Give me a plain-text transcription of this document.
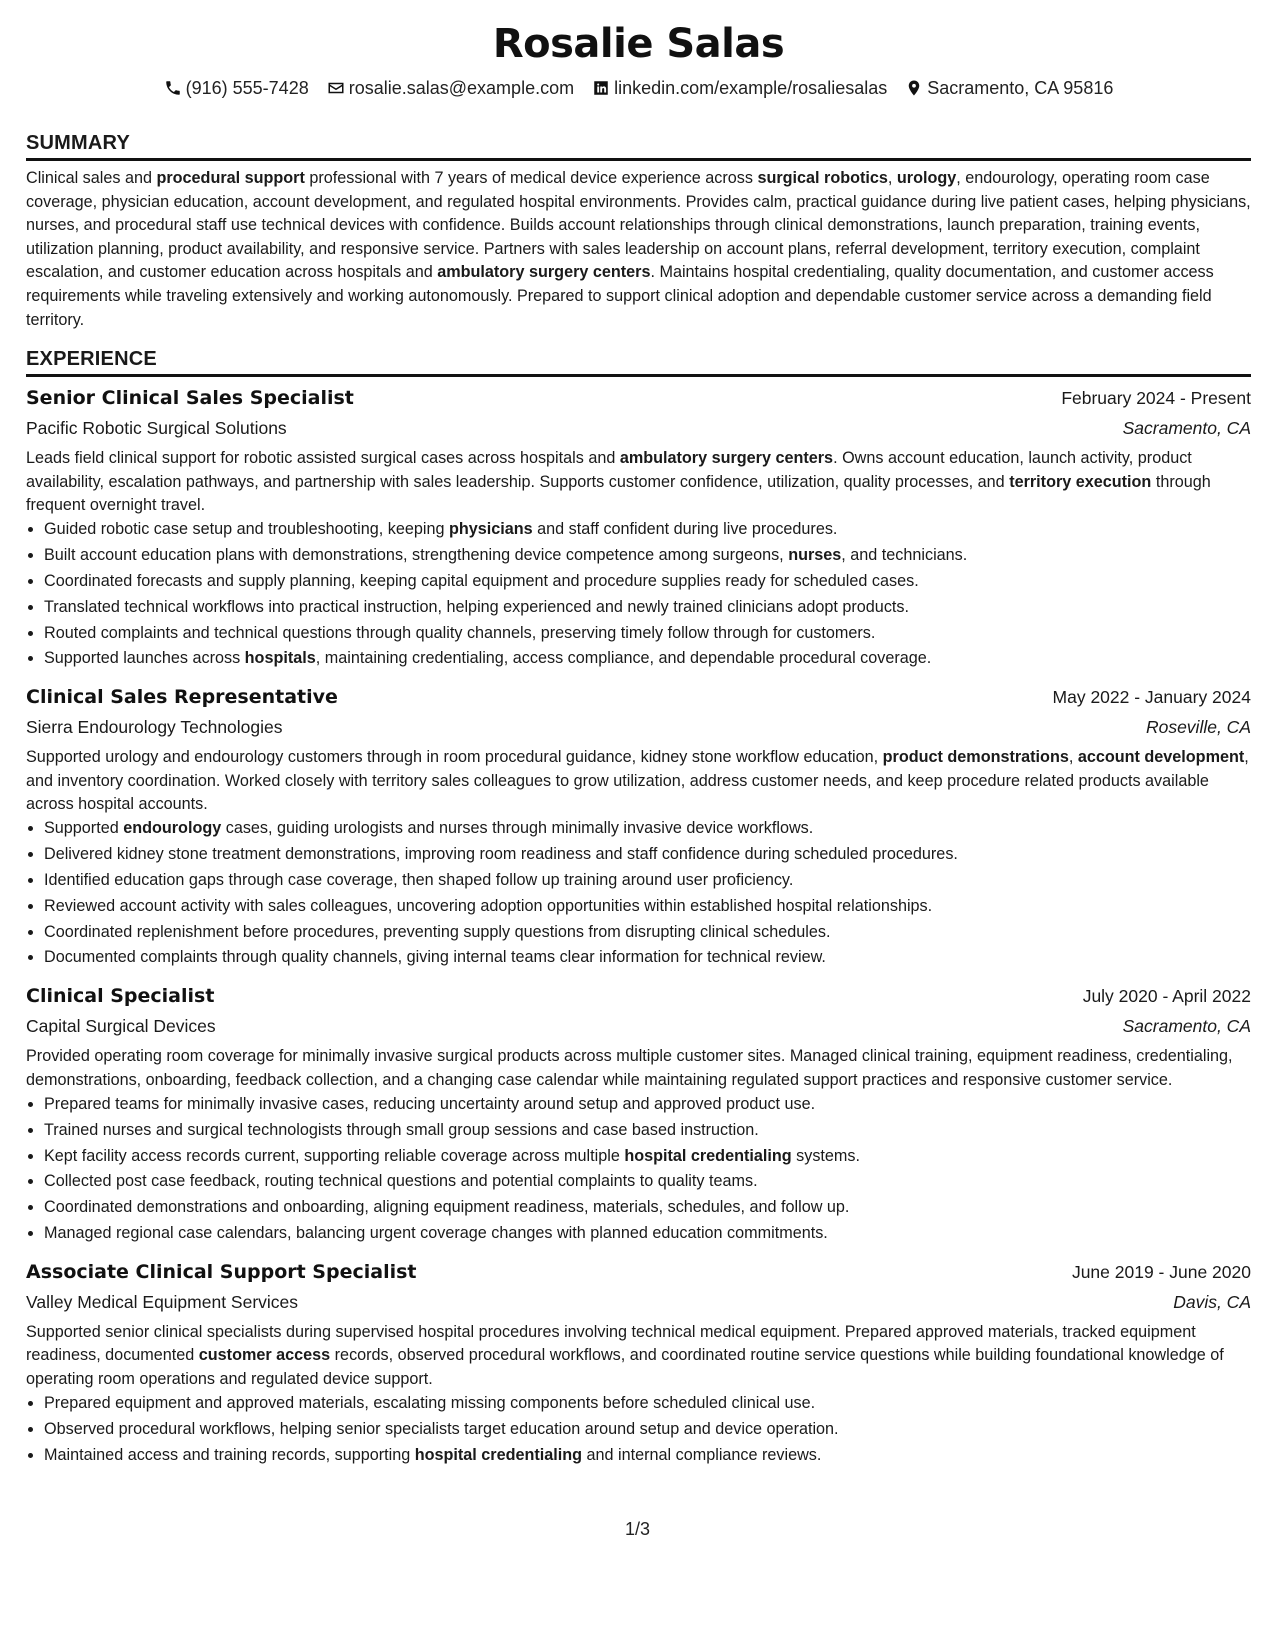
Rosalie Salas
(916) 555-7428 rosalie.salas@example.com linkedin.com/example/rosaliesalas Sacramento, CA 95816
SUMMARY

Clinical sales and procedural support professional with 7 years of medical device experience across surgical robotics, urology, endourology, operating room case coverage, physician education, account development, and regulated hospital environments. Provides calm, practical guidance during live patient cases, helping physicians, nurses, and procedural staff use technical devices with confidence. Builds account relationships through clinical demonstrations, launch preparation, training events, utilization planning, product availability, and responsive service. Partners with sales leadership on account plans, referral development, territory execution, complaint escalation, and customer education across hospitals and ambulatory surgery centers. Maintains hospital credentialing, quality documentation, and customer access requirements while traveling extensively and working autonomously. Prepared to support clinical adoption and dependable customer service across a demanding field territory.

EXPERIENCE
Senior Clinical Sales Specialist	February 2024 - Present
Pacific Robotic Surgical Solutions	Sacramento, CA

Leads field clinical support for robotic assisted surgical cases across hospitals and ambulatory surgery centers. Owns account education, launch activity, product availability, escalation pathways, and partnership with sales leadership. Supports customer confidence, utilization, quality processes, and territory execution through frequent overnight travel.

• Guided robotic case setup and troubleshooting, keeping physicians and staff confident during live procedures.
• Built account education plans with demonstrations, strengthening device competence among surgeons, nurses, and technicians.
• Coordinated forecasts and supply planning, keeping capital equipment and procedure supplies ready for scheduled cases.
• Translated technical workflows into practical instruction, helping experienced and newly trained clinicians adopt products.
• Routed complaints and technical questions through quality channels, preserving timely follow through for customers.
• Supported launches across hospitals, maintaining credentialing, access compliance, and dependable procedural coverage.
Clinical Sales Representative	May 2022 - January 2024
Sierra Endourology Technologies	Roseville, CA

Supported urology and endourology customers through in room procedural guidance, kidney stone workflow education, product demonstrations, account development, and inventory coordination. Worked closely with territory sales colleagues to grow utilization, address customer needs, and keep procedure related products available across hospital accounts.

• Supported endourology cases, guiding urologists and nurses through minimally invasive device workflows.
• Delivered kidney stone treatment demonstrations, improving room readiness and staff confidence during scheduled procedures.
• Identified education gaps through case coverage, then shaped follow up training around user proficiency.
• Reviewed account activity with sales colleagues, uncovering adoption opportunities within established hospital relationships.
• Coordinated replenishment before procedures, preventing supply questions from disrupting clinical schedules.
• Documented complaints through quality channels, giving internal teams clear information for technical review.
Clinical Specialist	July 2020 - April 2022
Capital Surgical Devices	Sacramento, CA

Provided operating room coverage for minimally invasive surgical products across multiple customer sites. Managed clinical training, equipment readiness, credentialing, demonstrations, onboarding, feedback collection, and a changing case calendar while maintaining regulated support practices and responsive customer service.

• Prepared teams for minimally invasive cases, reducing uncertainty around setup and approved product use.
• Trained nurses and surgical technologists through small group sessions and case based instruction.
• Kept facility access records current, supporting reliable coverage across multiple hospital credentialing systems.
• Collected post case feedback, routing technical questions and potential complaints to quality teams.
• Coordinated demonstrations and onboarding, aligning equipment readiness, materials, schedules, and follow up.
• Managed regional case calendars, balancing urgent coverage changes with planned education commitments.
Associate Clinical Support Specialist	June 2019 - June 2020
Valley Medical Equipment Services	Davis, CA

Supported senior clinical specialists during supervised hospital procedures involving technical medical equipment. Prepared approved materials, tracked equipment readiness, documented customer access records, observed procedural workflows, and coordinated routine service questions while building foundational knowledge of operating room operations and regulated device support.

• Prepared equipment and approved materials, escalating missing components before scheduled clinical use.
• Observed procedural workflows, helping senior specialists target education around setup and device operation.
• Maintained access and training records, supporting hospital credentialing and internal compliance reviews.
1/3
